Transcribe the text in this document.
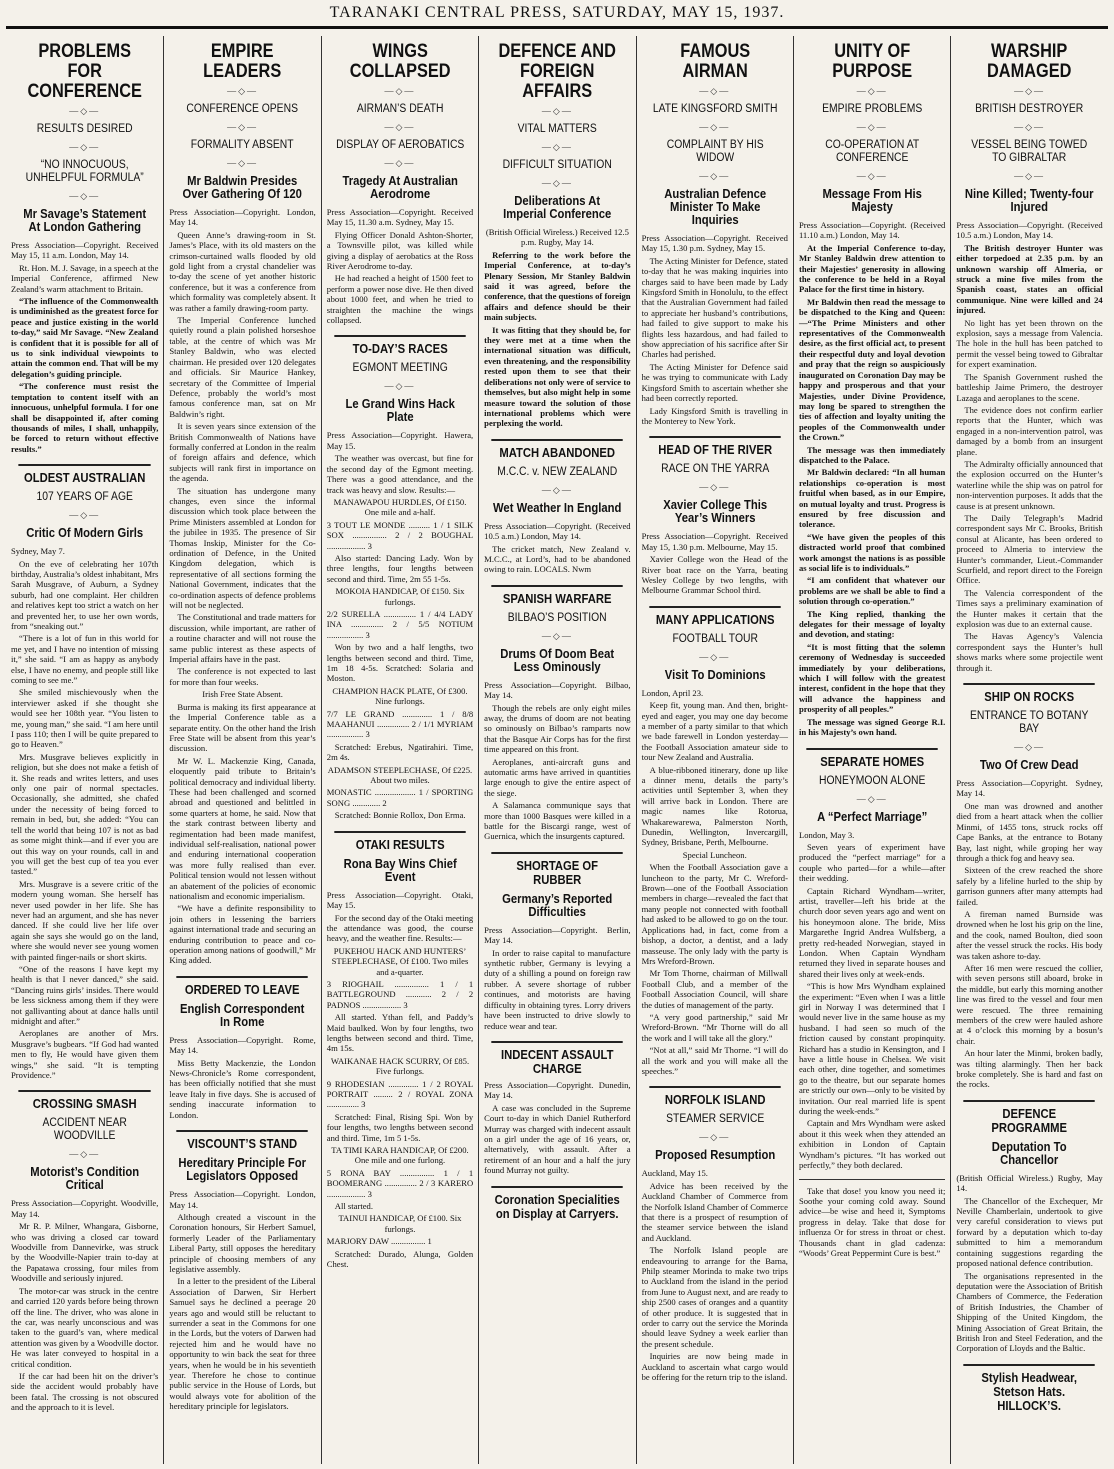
TARANAKI CENTRAL PRESS, SATURDAY, MAY 15, 1937.
PROBLEMS FOR CONFERENCE
—◇—
RESULTS DESIRED
—◇—
“NO INNOCUOUS, UNHELPFUL FORMULA”
—◇—
Mr Savage’s Statement At London Gathering
Press Association—Copyright. Received May 15, 11 a.m. London, May 14.
Rt. Hon. M. J. Savage, in a speech at the Imperial Conference, affirmed New Zealand’s warm attachment to Britain.
“The influence of the Commonwealth is undiminished as the greatest force for peace and justice existing in the world to-day,” said Mr Savage. “New Zealand is confident that it is possible for all of us to sink individual viewpoints to attain the common end. That will be my delegation’s guiding principle.
“The conference must resist the temptation to content itself with an innocuous, unhelpful formula. I for one shall be disappointed if, after coming thousands of miles, I shall, unhappily, be forced to return without effective results.”
OLDEST AUSTRALIAN
107 YEARS OF AGE
—◇—
Critic Of Modern Girls
Sydney, May 7.
On the eve of celebrating her 107th birthday, Australia’s oldest inhabitant, Mrs Sarah Musgrave, of Auburn, a Sydney suburb, had one complaint. Her children and relatives kept too strict a watch on her and prevented her, to use her own words, from “sneaking out.”
“There is a lot of fun in this world for me yet, and I have no intention of missing it,” she said. “I am as happy as anybody else, I have no enemy, and people still like coming to see me.”
She smiled mischievously when the interviewer asked if she thought she would see her 108th year. “You listen to me, young man,” she said. “I am here until I pass 110; then I will be quite prepared to go to Heaven.”
Mrs. Musgrave believes explicitly in religion, but she does not make a fetish of it. She reads and writes letters, and uses only one pair of normal spectacles. Occasionally, she admitted, she chafed under the necessity of being forced to remain in bed, but, she added: “You can tell the world that being 107 is not as bad as some might think—and if ever you are out this way on your rounds, call in and you will get the best cup of tea you ever tasted.”
Mrs. Musgrave is a severe critic of the modern young woman. She herself has never used powder in her life. She has never had an argument, and she has never danced. If she could live her life over again she says she would go on the land, where she would never see young women with painted finger-nails or short skirts.
“One of the reasons I have kept my health is that I never danced,” she said. “Dancing ruins girls’ insides. There would be less sickness among them if they were not gallivanting about at dance halls until midnight and after.”
Aeroplanes are another of Mrs. Musgrave’s bugbears. “If God had wanted men to fly, He would have given them wings,” she said. “It is tempting Providence.”
CROSSING SMASH
ACCIDENT NEAR WOODVILLE
—◇—
Motorist’s Condition Critical
Press Association—Copyright. Woodville, May 14.
Mr R. P. Milner, Whangara, Gisborne, who was driving a closed car toward Woodville from Dannevirke, was struck by the Woodville-Napier train to-day at the Papatawa crossing, four miles from Woodville and seriously injured.
The motor-car was struck in the centre and carried 120 yards before being thrown off the line. The driver, who was alone in the car, was nearly unconscious and was taken to the guard’s van, where medical attention was given by a Woodville doctor. He was later conveyed to hospital in a critical condition.
If the car had been hit on the driver’s side the accident would probably have been fatal. The crossing is not obscured and the approach to it is level.
EMPIRE LEADERS
—◇—
CONFERENCE OPENS
—◇—
FORMALITY ABSENT
—◇—
Mr Baldwin Presides Over Gathering Of 120
Press Association—Copyright. London, May 14.
Queen Anne’s drawing-room in St. James’s Place, with its old masters on the crimson-curtained walls flooded by old gold light from a crystal chandelier was to-day the scene of yet another historic conference, but it was a conference from which formality was completely absent. It was rather a family drawing-room party.
The Imperial Conference lunched quietly round a plain polished horseshoe table, at the centre of which was Mr Stanley Baldwin, who was elected chairman. He presided over 120 delegates and officials. Sir Maurice Hankey, secretary of the Committee of Imperial Defence, probably the world’s most famous conference man, sat on Mr Baldwin’s right.
It is seven years since extension of the British Commonwealth of Nations have formally conferred at London in the realm of foreign affairs and defence, which subjects will rank first in importance on the agenda.
The situation has undergone many changes, even since the informal discussion which took place between the Prime Ministers assembled at London for the jubilee in 1935. The presence of Sir Thomas Inskip, Minister for the Co-ordination of Defence, in the United Kingdom delegation, which is representative of all sections forming the National Government, indicates that the co-ordination aspects of defence problems will not be neglected.
The Constitutional and trade matters for discussion, while important, are rather of a routine character and will not rouse the same public interest as these aspects of Imperial affairs have in the past.
The conference is not expected to last for more than four weeks.
Irish Free State Absent.
Burma is making its first appearance at the Imperial Conference table as a separate entity. On the other hand the Irish Free State will be absent from this year’s discussion.
Mr W. L. Mackenzie King, Canada, eloquently paid tribute to Britain’s political democracy and individual liberty. These had been challenged and scorned abroad and questioned and belittled in some quarters at home, he said. Now that the stark contrast between liberty and regimentation had been made manifest, individual self-realisation, national power and enduring international cooperation was more fully realised than ever. Political tension would not lessen without an abatement of the policies of economic nationalism and economic imperialism.
“We have a definite responsibility to join others in lessening the barriers against international trade and securing an enduring contribution to peace and co-operation among nations of goodwill,” Mr King added.
ORDERED TO LEAVE
English Correspondent In Rome
Press Association—Copyright. Rome, May 14.
Miss Betty Mackenzie, the London News-Chronicle’s Rome correspondent, has been officially notified that she must leave Italy in five days. She is accused of sending inaccurate information to London.
VISCOUNT’S STAND
Hereditary Principle For Legislators Opposed
Press Association—Copyright. London, May 14.
Although created a viscount in the Coronation honours, Sir Herbert Samuel, formerly Leader of the Parliamentary Liberal Party, still opposes the hereditary principle of choosing members of any legislative assembly.
In a letter to the president of the Liberal Association of Darwen, Sir Herbert Samuel says he declined a peerage 20 years ago and would still be reluctant to surrender a seat in the Commons for one in the Lords, but the voters of Darwen had rejected him and he would have no opportunity to win back the seat for three years, when he would be in his seventieth year. Therefore he chose to continue public service in the House of Lords, but would always vote for abolition of the hereditary principle for legislators.
WINGS COLLAPSED
—◇—
AIRMAN’S DEATH
—◇—
DISPLAY OF AEROBATICS
—◇—
Tragedy At Australian Aerodrome
Press Association—Copyright. Received May 15, 11.30 a.m. Sydney, May 15.
Flying Officer Donald Ashton-Shorter, a Townsville pilot, was killed while giving a display of aerobatics at the Ross River Aerodrome to-day.
He had reached a height of 1500 feet to perform a power nose dive. He then dived about 1000 feet, and when he tried to straighten the machine the wings collapsed.
TO-DAY’S RACES
EGMONT MEETING
—◇—
Le Grand Wins Hack Plate
Press Association—Copyright. Hawera, May 15.
The weather was overcast, but fine for the second day of the Egmont meeting. There was a good attendance, and the track was heavy and slow. Results:—
MANAWAPOU HURDLES, Of £150. One mile and a-half.
3 TOUT LE MONDE .......... 1 / 1 SILK SOX ................ 2 / 2 BOUGHAL .................. 3
Also started: Dancing Lady. Won by three lengths, four lengths between second and third. Time, 2m 55 1-5s.
MOKOIA HANDICAP, Of £150. Six furlongs.
2/2 SURELLA ............... 1 / 4/4 LADY INA ............... 2 / 5/5 NOTIUM ................. 3
Won by two and a half lengths, two lengths between second and third. Time, 1m 18 4-5s. Scratched: Solaria and Moston.
CHAMPION HACK PLATE, Of £300. Nine furlongs.
7/7 LE GRAND .............. 1 / 8/8 MAAHANUI ............... 2 / 1/1 MYRIAM ................. 3
Scratched: Erebus, Ngatirahiri. Time, 2m 4s.
ADAMSON STEEPLECHASE, Of £225. About two miles.
MONASTIC ................... 1 / SPORTING SONG ............. 2
Scratched: Bonnie Rollox, Don Erma.
OTAKI RESULTS
Rona Bay Wins Chief Event
Press Association—Copyright. Otaki, May 15.
For the second day of the Otaki meeting the attendance was good, the course heavy, and the weather fine. Results:—
PUKEHOU HACK AND HUNTERS’ STEEPLECHASE, Of £100. Two miles and a-quarter.
3 RIOGHAIL ................ 1 / 1 BATTLEGROUND ............ 2 / 2 PADNOS .................. 3
All started. Ythan fell, and Paddy’s Maid baulked. Won by four lengths, two lengths between second and third. Time, 4m 15s.
WAIKANAE HACK SCURRY, Of £85. Five furlongs.
9 RHODESIAN .............. 1 / 2 ROYAL PORTRAIT ......... 2 / ROYAL ZONA ............... 3
Scratched: Final, Rising Spi. Won by four lengths, two lengths between second and third. Time, 1m 5 1-5s.
TA TIMI KARA HANDICAP, Of £200. One mile and one furlong.
5 RONA BAY ................ 1 / 1 BOOMERANG ............... 2 / 3 KARERO .................. 3
All started.
TAINUI HANDICAP, Of £100. Six furlongs.
MARJORY DAW ................ 1
Scratched: Durado, Alunga, Golden Chest.
DEFENCE AND FOREIGN AFFAIRS
—◇—
VITAL MATTERS
—◇—
DIFFICULT SITUATION
—◇—
Deliberations At Imperial Conference
(British Official Wireless.) Received 12.5 p.m. Rugby, May 14.
Referring to the work before the Imperial Conference, at to-day’s Plenary Session, Mr Stanley Baldwin said it was agreed, before the conference, that the questions of foreign affairs and defence should be their main subjects.
It was fitting that they should be, for they were met at a time when the international situation was difficult, even threatening, and the responsibility rested upon them to see that their deliberations not only were of service to themselves, but also might help in some measure toward the solution of those international problems which were perplexing the world.
MATCH ABANDONED
M.C.C. v. NEW ZEALAND
—◇—
Wet Weather In England
Press Association—Copyright. (Received 10.5 a.m.) London, May 14.
The cricket match, New Zealand v. M.C.C., at Lord’s, had to be abandoned owing to rain. LOCALS. Nwm
SPANISH WARFARE
BILBAO’S POSITION
—◇—
Drums Of Doom Beat Less Ominously
Press Association—Copyright. Bilbao, May 14.
Though the rebels are only eight miles away, the drums of doom are not beating so ominously on Bilbao’s ramparts now that the Basque Air Corps has for the first time appeared on this front.
Aeroplanes, anti-aircraft guns and automatic arms have arrived in quantities large enough to give the entire aspect of the siege.
A Salamanca communique says that more than 1000 Basques were killed in a battle for the Biscargi range, west of Guernica, which the insurgents captured.
SHORTAGE OF RUBBER
Germany’s Reported Difficulties
Press Association—Copyright. Berlin, May 14.
In order to raise capital to manufacture synthetic rubber, Germany is levying a duty of a shilling a pound on foreign raw rubber. A severe shortage of rubber continues, and motorists are having difficulty in obtaining tyres. Lorry drivers have been instructed to drive slowly to reduce wear and tear.
INDECENT ASSAULT CHARGE
Press Association—Copyright. Dunedin, May 14.
A case was concluded in the Supreme Court to-day in which Daniel Rutherford Murray was charged with indecent assault on a girl under the age of 16 years, or, alternatively, with assault. After a retirement of an hour and a half the jury found Murray not guilty.
Coronation Specialities on Display at Carryers.
FAMOUS AIRMAN
—◇—
LATE KINGSFORD SMITH
—◇—
COMPLAINT BY HIS WIDOW
—◇—
Australian Defence Minister To Make Inquiries
Press Association—Copyright. Received May 15, 1.30 p.m. Sydney, May 15.
The Acting Minister for Defence, stated to-day that he was making inquiries into charges said to have been made by Lady Kingsford Smith in Honolulu, to the effect that the Australian Government had failed to appreciate her husband’s contributions, had failed to give support to make his flights less hazardous, and had failed to show appreciation of his sacrifice after Sir Charles had perished.
The Acting Minister for Defence said he was trying to communicate with Lady Kingsford Smith to ascertain whether she had been correctly reported.
Lady Kingsford Smith is travelling in the Monterey to New York.
HEAD OF THE RIVER
RACE ON THE YARRA
—◇—
Xavier College This Year’s Winners
Press Association—Copyright. Received May 15, 1.30 p.m. Melbourne, May 15.
Xavier College won the Head of the River boat race on the Yarra, beating Wesley College by two lengths, with Melbourne Grammar School third.
MANY APPLICATIONS
FOOTBALL TOUR
—◇—
Visit To Dominions
London, April 23.
Keep fit, young man. And then, bright-eyed and eager, you may one day become a member of a party similar to that which we bade farewell in London yesterday—the Football Association amateur side to tour New Zealand and Australia.
A blue-ribboned itinerary, done up like a dinner menu, details the party’s activities until September 3, when they will arrive back in London. There are magic names like Rotorua, Whakarewarewa, Palmerston North, Dunedin, Wellington, Invercargill, Sydney, Brisbane, Perth, Melbourne.
Special Luncheon.
When the Football Association gave a luncheon to the party, Mr C. Wreford-Brown—one of the Football Association members in charge—revealed the fact that many people not connected with football had asked to be allowed to go on the tour. Applications had, in fact, come from a bishop, a doctor, a dentist, and a lady masseuse. The only lady with the party is Mrs Wreford-Brown.
Mr Tom Thorne, chairman of Millwall Football Club, and a member of the Football Association Council, will share the duties of management of the party.
“A very good partnership,” said Mr Wreford-Brown. “Mr Thorne will do all the work and I will take all the glory.”
“Not at all,” said Mr Thorne. “I will do all the work and you will make all the speeches.”
NORFOLK ISLAND
STEAMER SERVICE
—◇—
Proposed Resumption
Auckland, May 15.
Advice has been received by the Auckland Chamber of Commerce from the Norfolk Island Chamber of Commerce that there is a prospect of resumption of the steamer service between the island and Auckland.
The Norfolk Island people are endeavouring to arrange for the Barna, Philp steamer Morinda to make two trips to Auckland from the island in the period from June to August next, and are ready to ship 2500 cases of oranges and a quantity of other produce. It is suggested that in order to carry out the service the Morinda should leave Sydney a week earlier than the present schedule.
Inquiries are now being made in Auckland to ascertain what cargo would be offering for the return trip to the island.
UNITY OF PURPOSE
—◇—
EMPIRE PROBLEMS
—◇—
CO-OPERATION AT CONFERENCE
—◇—
Message From His Majesty
Press Association—Copyright. (Received 11.10 a.m.) London, May 14.
At the Imperial Conference to-day, Mr Stanley Baldwin drew attention to their Majesties’ generosity in allowing the conference to be held in a Royal Palace for the first time in history.
Mr Baldwin then read the message to be dispatched to the King and Queen:—“The Prime Ministers and other representatives of the Commonwealth desire, as the first official act, to present their respectful duty and loyal devotion and pray that the reign so auspiciously inaugurated on Coronation Day may be happy and prosperous and that your Majesties, under Divine Providence, may long be spared to strengthen the ties of affection and loyalty uniting the peoples of the Commonwealth under the Crown.”
The message was then immediately dispatched to the Palace.
Mr Baldwin declared: “In all human relationships co-operation is most fruitful when based, as in our Empire, on mutual loyalty and trust. Progress is ensured by free discussion and tolerance.
“We have given the peoples of this distracted world proof that combined work amongst the nations is as possible as social life is to individuals.”
“I am confident that whatever our problems are we shall be able to find a solution through co-operation.”
The King replied, thanking the delegates for their message of loyalty and devotion, and stating:
“It is most fitting that the solemn ceremony of Wednesday is succeeded immediately by your deliberations, which I will follow with the greatest interest, confident in the hope that they will advance the happiness and prosperity of all peoples.”
The message was signed George R.I. in his Majesty’s own hand.
SEPARATE HOMES
HONEYMOON ALONE
—◇—
A “Perfect Marriage”
London, May 3.
Seven years of experiment have produced the “perfect marriage” for a couple who parted—for a while—after their wedding.
Captain Richard Wyndham—writer, artist, traveller—left his bride at the church door seven years ago and went on his honeymoon alone. The bride, Miss Margarethe Ingrid Andrea Wulfsberg, a pretty red-headed Norwegian, stayed in London. When Captain Wyndham returned they lived in separate houses and shared their lives only at week-ends.
“This is how Mrs Wyndham explained the experiment: “Even when I was a little girl in Norway I was determined that I would never live in the same house as my husband. I had seen so much of the friction caused by constant propinquity. Richard has a studio in Kensington, and I have a little house in Chelsea. We visit each other, dine together, and sometimes go to the theatre, but our separate homes are strictly our own—only to be visited by invitation. Our real married life is spent during the week-ends.”
Captain and Mrs Wyndham were asked about it this week when they attended an exhibition in London of Captain Wyndham’s pictures. “It has worked out perfectly,” they both declared.
Take that dose! you know you need it; Soothe your coming cold away. Sound advice—be wise and heed it, Symptoms progress in delay. Take that dose for influenza Or for stress in throat or chest. Thousands chant in glad cadenza: “Woods’ Great Peppermint Cure is best.”
WARSHIP DAMAGED
—◇—
BRITISH DESTROYER
—◇—
VESSEL BEING TOWED TO GIBRALTAR
—◇—
Nine Killed; Twenty-four Injured
Press Association—Copyright. (Received 10.5 a.m.) London, May 14.
The British destroyer Hunter was either torpedoed at 2.35 p.m. by an unknown warship off Almeria, or struck a mine five miles from the Spanish coast, states an official communique. Nine were killed and 24 injured.
No light has yet been thrown on the explosion, says a message from Valencia. The hole in the hull has been patched to permit the vessel being towed to Gibraltar for expert examination.
The Spanish Government rushed the battleship Jaime Primero, the destroyer Lazaga and aeroplanes to the scene.
The evidence does not confirm earlier reports that the Hunter, which was engaged in a non-intervention patrol, was damaged by a bomb from an insurgent plane.
The Admiralty officially announced that the explosion occurred on the Hunter’s waterline while the ship was on patrol for non-intervention purposes. It adds that the cause is at present unknown.
The Daily Telegraph’s Madrid correspondent says Mr C. Brooks, British consul at Alicante, has been ordered to proceed to Almeria to interview the Hunter’s commander, Lieut.-Commander Scurfield, and report direct to the Foreign Office.
The Valencia correspondent of the Times says a preliminary examination of the Hunter makes it certain that the explosion was due to an external cause.
The Havas Agency’s Valencia correspondent says the Hunter’s hull shows marks where some projectile went through it.
SHIP ON ROCKS
ENTRANCE TO BOTANY BAY
—◇—
Two Of Crew Dead
Press Association—Copyright. Sydney, May 14.
One man was drowned and another died from a heart attack when the collier Minmi, of 1455 tons, struck rocks off Cape Banks, at the entrance to Botany Bay, last night, while groping her way through a thick fog and heavy sea.
Sixteen of the crew reached the shore safely by a lifeline hurled to the ship by garrison gunners after many attempts had failed.
A fireman named Burnside was drowned when he lost his grip on the line, and the cook, named Boulton, died soon after the vessel struck the rocks. His body was taken ashore to-day.
After 16 men were rescued the collier, with seven persons still aboard, broke in the middle, but early this morning another line was fired to the vessel and four men were rescued. The three remaining members of the crew were hauled ashore at 4 o’clock this morning by a bosun’s chair.
An hour later the Minmi, broken badly, was tilting alarmingly. Then her back broke completely. She is hard and fast on the rocks.
DEFENCE PROGRAMME
Deputation To Chancellor
(British Official Wireless.) Rugby, May 14.
The Chancellor of the Exchequer, Mr Neville Chamberlain, undertook to give very careful consideration to views put forward by a deputation which to-day submitted to him a memorandum containing suggestions regarding the proposed national defence contribution.
The organisations represented in the deputation were the Association of British Chambers of Commerce, the Federation of British Industries, the Chamber of Shipping of the United Kingdom, the Mining Association of Great Britain, the British Iron and Steel Federation, and the Corporation of Lloyds and the Baltic.
Stylish Headwear, Stetson Hats. HILLOCK’S.
